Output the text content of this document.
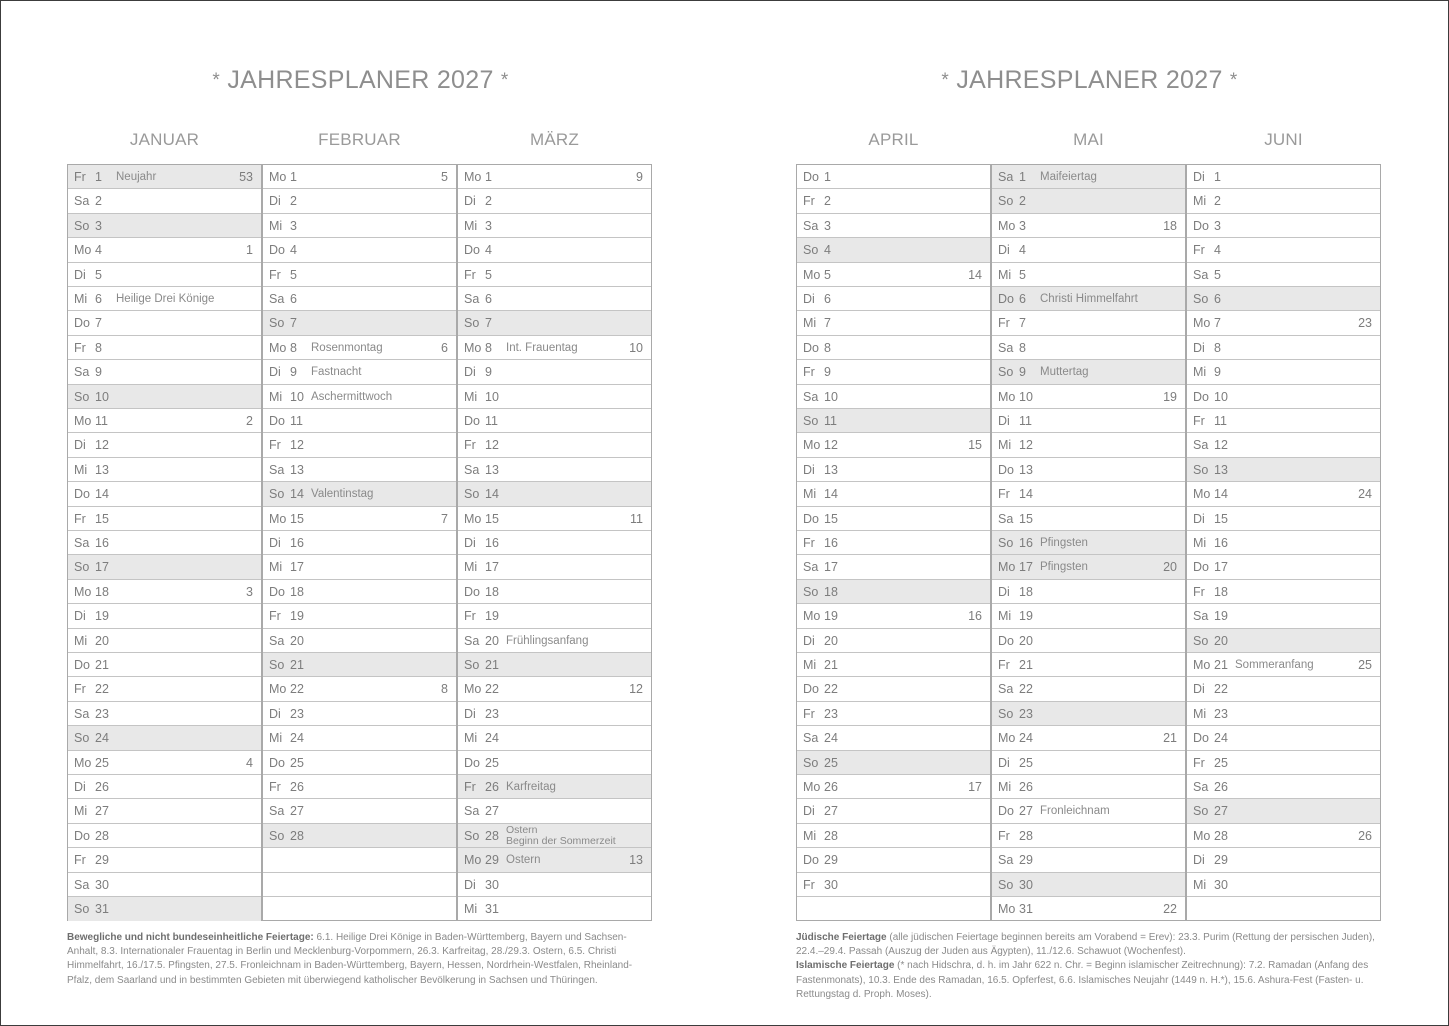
* JAHRESPLANER 2027 *
JANUAR
Fr 1 Neujahr	53
Sa 2
So 3
Mo 4	1
Di 5
Mi 6 Heilige Drei Könige
Do 7
Fr 8
Sa 9
So 10
Mo 11	2
Di 12
Mi 13
Do 14
Fr 15
Sa 16
So 17
Mo 18	3
Di 19
Mi 20
Do 21
Fr 22
Sa 23
So 24
Mo 25	4
Di 26
Mi 27
Do 28
Fr 29
Sa 30
So 31
FEBRUAR
Mo 1	5
Di 2
Mi 3
Do 4
Fr 5
Sa 6
So 7
Mo 8 Rosenmontag	6
Di 9 Fastnacht
Mi 10 Aschermittwoch
Do 11
Fr 12
Sa 13
So 14 Valentinstag
Mo 15	7
Di 16
Mi 17
Do 18
Fr 19
Sa 20
So 21
Mo 22	8
Di 23
Mi 24
Do 25
Fr 26
Sa 27
So 28
MÄRZ
Mo 1	9
Di 2
Mi 3
Do 4
Fr 5
Sa 6
So 7
Mo 8 Int. Frauentag	10
Di 9
Mi 10
Do 11
Fr 12
Sa 13
So 14
Mo 15	11
Di 16
Mi 17
Do 18
Fr 19
Sa 20 Frühlingsanfang
So 21
Mo 22	12
Di 23
Mi 24
Do 25
Fr 26 Karfreitag
Sa 27
So 28 Ostern
Beginn der Sommerzeit
Mo 29 Ostern	13
Di 30
Mi 31
Bewegliche und nicht bundeseinheitliche Feiertage: 6.1. Heilige Drei Könige in Baden-Württemberg, Bayern und Sachsen-Anhalt, 8.3. Internationaler Frauentag in Berlin und Mecklenburg-Vorpommern, 26.3. Karfreitag, 28./29.3. Ostern, 6.5. Christi Himmelfahrt, 16./17.5. Pfingsten, 27.5. Fronleichnam in Baden-Württemberg, Bayern, Hessen, Nordrhein-Westfalen, Rheinland-Pfalz, dem Saarland und in bestimmten Gebieten mit überwiegend katholischer Bevölkerung in Sachsen und Thüringen.
* JAHRESPLANER 2027 *
APRIL
Do 1
Fr 2
Sa 3
So 4
Mo 5	14
Di 6
Mi 7
Do 8
Fr 9
Sa 10
So 11
Mo 12	15
Di 13
Mi 14
Do 15
Fr 16
Sa 17
So 18
Mo 19	16
Di 20
Mi 21
Do 22
Fr 23
Sa 24
So 25
Mo 26	17
Di 27
Mi 28
Do 29
Fr 30
MAI
Sa 1 Maifeiertag
So 2
Mo 3	18
Di 4
Mi 5
Do 6 Christi Himmelfahrt
Fr 7
Sa 8
So 9 Muttertag
Mo 10	19
Di 11
Mi 12
Do 13
Fr 14
Sa 15
So 16 Pfingsten
Mo 17 Pfingsten	20
Di 18
Mi 19
Do 20
Fr 21
Sa 22
So 23
Mo 24	21
Di 25
Mi 26
Do 27 Fronleichnam
Fr 28
Sa 29
So 30
Mo 31	22
JUNI
Di 1
Mi 2
Do 3
Fr 4
Sa 5
So 6
Mo 7	23
Di 8
Mi 9
Do 10
Fr 11
Sa 12
So 13
Mo 14	24
Di 15
Mi 16
Do 17
Fr 18
Sa 19
So 20
Mo 21 Sommeranfang	25
Di 22
Mi 23
Do 24
Fr 25
Sa 26
So 27
Mo 28	26
Di 29
Mi 30
Jüdische Feiertage (alle jüdischen Feiertage beginnen bereits am Vorabend = Erev): 23.3. Purim (Rettung der persischen Juden), 22.4.–29.4. Passah (Auszug der Juden aus Ägypten), 11./12.6. Schawuot (Wochenfest).
Islamische Feiertage (* nach Hidschra, d. h. im Jahr 622 n. Chr. = Beginn islamischer Zeitrechnung): 7.2. Ramadan (Anfang des Fastenmonats), 10.3. Ende des Ramadan, 16.5. Opferfest, 6.6. Islamisches Neujahr (1449 n. H.*), 15.6. Ashura-Fest (Fasten- u. Rettungstag d. Proph. Moses).
